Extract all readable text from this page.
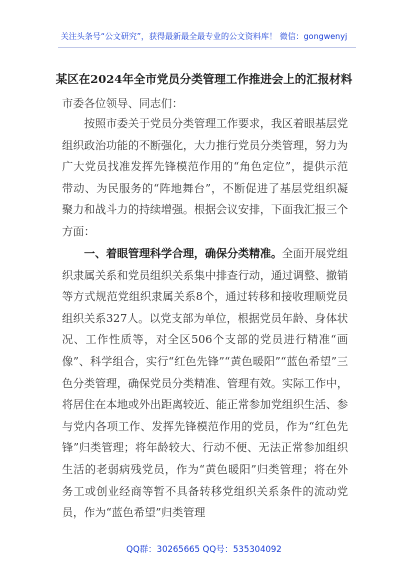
关注头条号“公文研究”，获得最新最全最专业的公文资料库！ 微信：gongwenyj
某区在2024年全市党员分类管理工作推进会上的汇报材料
市委各位领导、同志们：

按照市委关于党员分类管理工作要求，我区着眼基层党组织政治功能的不断强化，大力推行党员分类管理，努力为广大党员找准发挥先锋模范作用的“角色定位”，提供示范带动、为民服务的“阵地舞台”，不断促进了基层党组织凝聚力和战斗力的持续增强。根据会议安排，下面我汇报三个方面：

一、着眼管理科学合理，确保分类精准。全面开展党组织隶属关系和党员组织关系集中排查行动，通过调整、撤销等方式规范党组织隶属关系8个，通过转移和接收理顺党员组织关系327人。以党支部为单位，根据党员年龄、身体状况、工作性质等，对全区506个支部的党员进行精准“画像”、科学组合，实行“红色先锋”“黄色暖阳”“蓝色希望”三色分类管理，确保党员分类精准、管理有效。实际工作中，将居住在本地或外出距离较近、能正常参加党组织生活、参与党内各项工作、发挥先锋模范作用的党员，作为“红色先锋”归类管理；将年龄较大、行动不便、无法正常参加组织生活的老弱病残党员，作为“黄色暖阳”归类管理；将在外务工或创业经商等暂不具备转移党组织关系条件的流动党员，作为“蓝色希望”归类管理

QQ群：30265665 QQ号：535304092
